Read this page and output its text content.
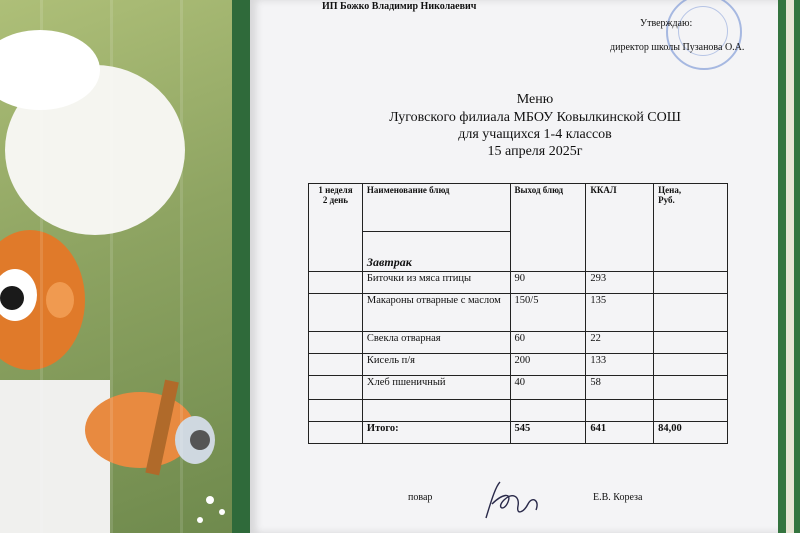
ИП Божко Владимир Николаевич
Утверждаю:
директор школы Пузанова О.А.
Меню
Луговского филиала МБОУ Ковылкинской СОШ
для учащихся 1-4 классов
15 апреля 2025г
1 неделя
2 день	Наименование блюд	Выход блюд	ККАЛ	Цена,
Руб.
	Завтрак			
	Биточки из мяса птицы	90	293	
	Макароны отварные с маслом	150/5	135	
	Свекла отварная	60	22	
	Кисель п/я	200	133	
	Хлеб пшеничный	40	58	

	Итого:	545	641	84,00
повар	Е.В. Кореза
